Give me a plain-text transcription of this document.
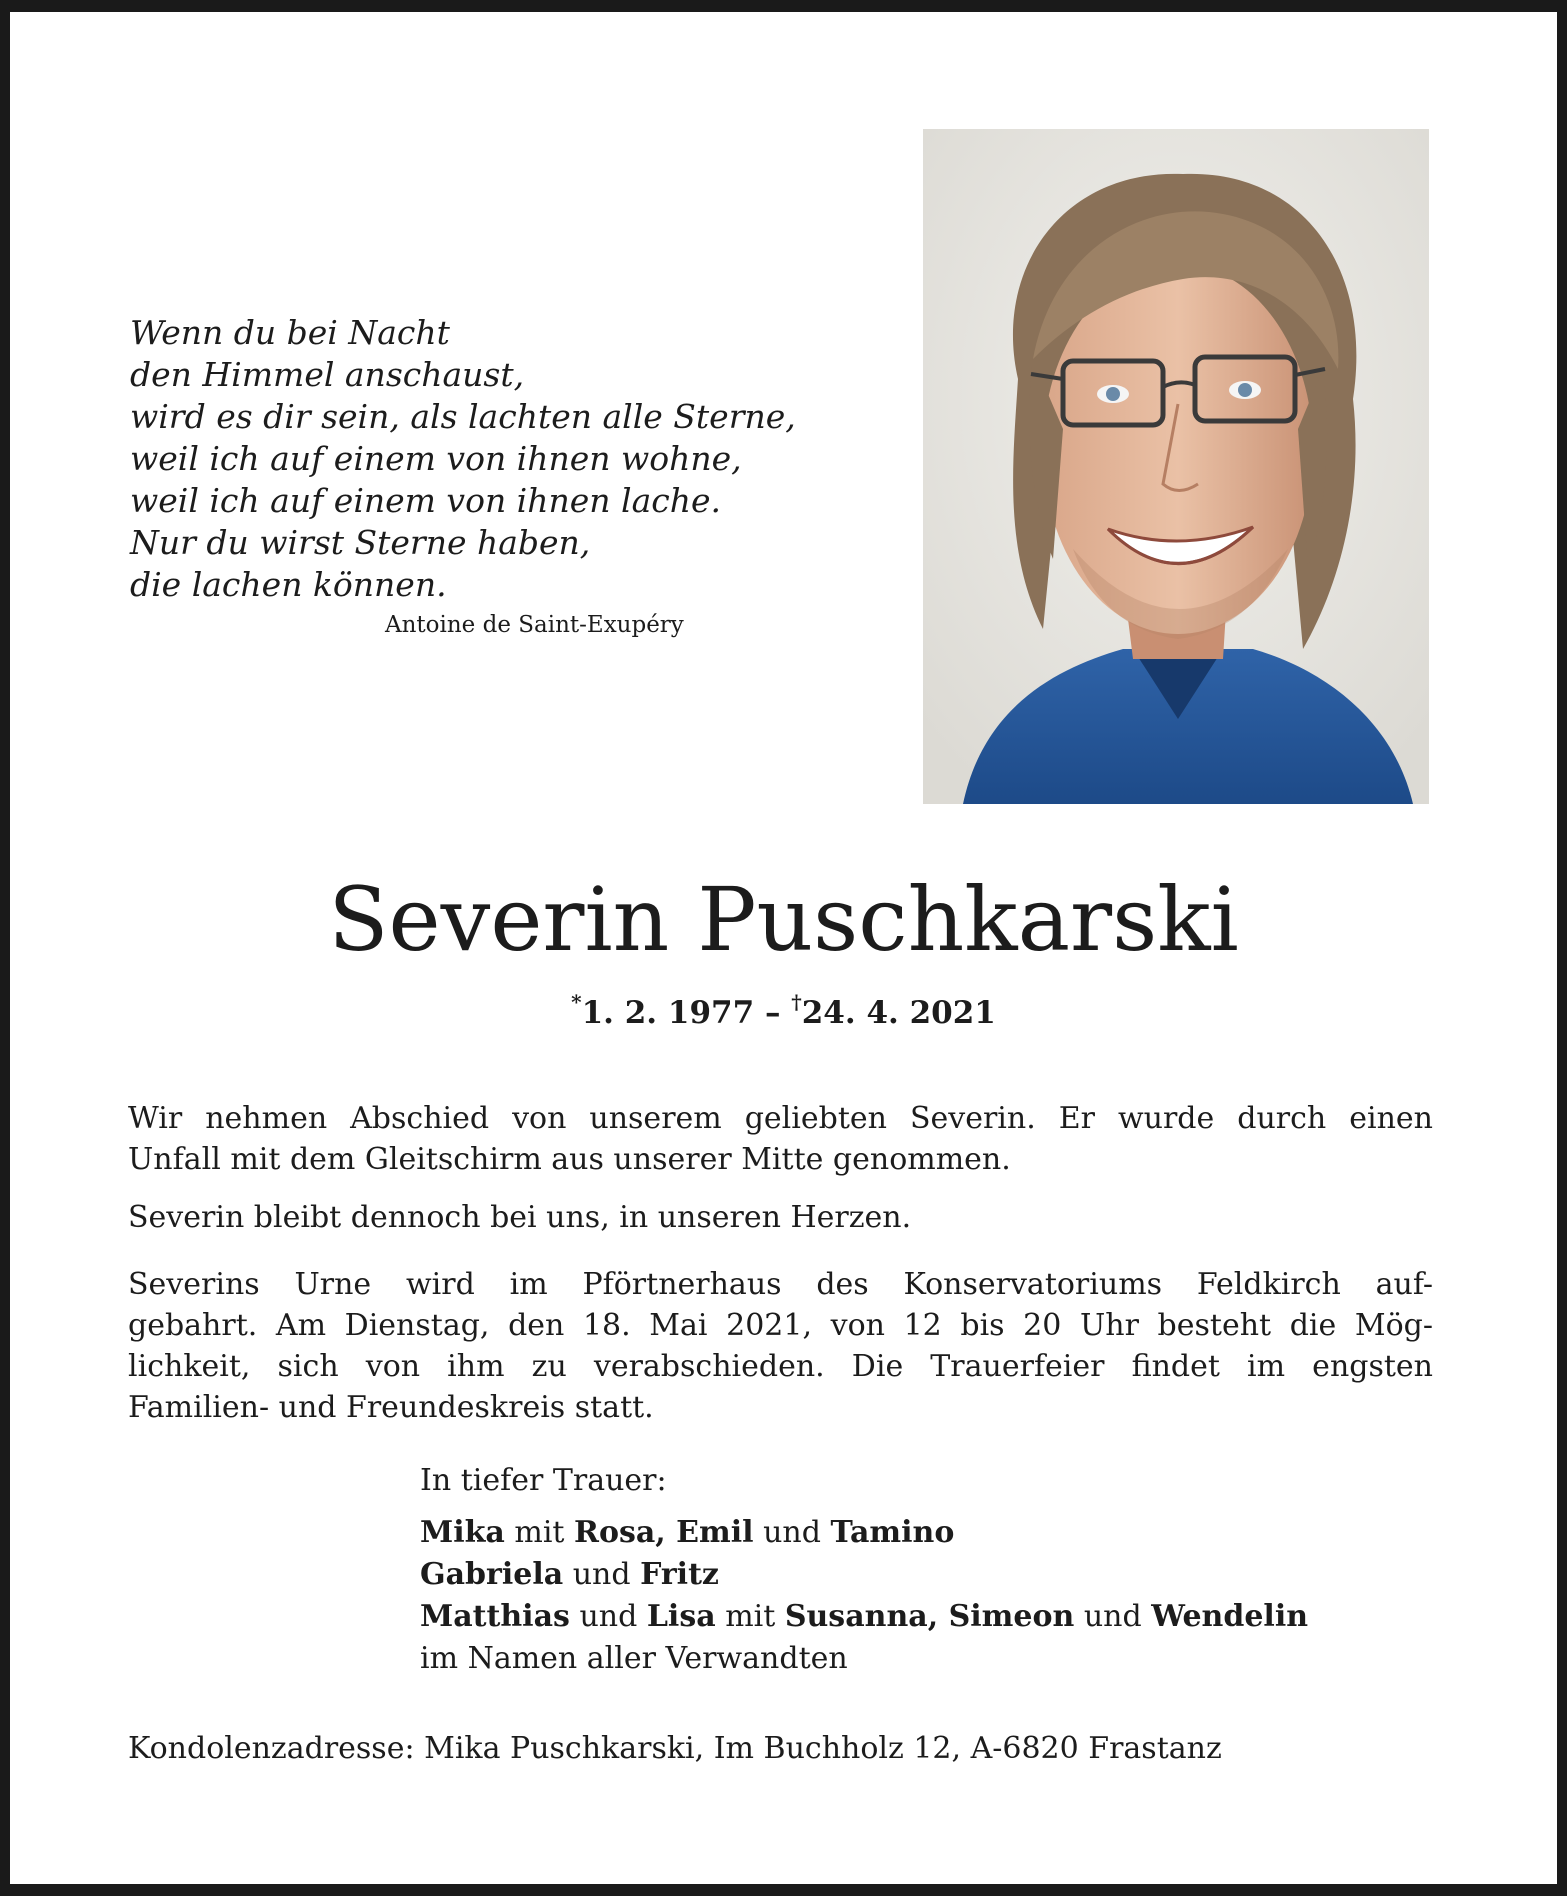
Wenn du bei Nacht
den Himmel anschaust,
wird es dir sein, als lachten alle Sterne,
weil ich auf einem von ihnen wohne,
weil ich auf einem von ihnen lache.
Nur du wirst Sterne haben,
die lachen können.
Antoine de Saint-Exupéry
Severin Puschkarski
*1. 2. 1977 – †24. 4. 2021
Wir nehmen Abschied von unserem geliebten Severin. Er wurde durch einen
Unfall mit dem Gleitschirm aus unserer Mitte genommen.
Severin bleibt dennoch bei uns, in unseren Herzen.
Severins Urne wird im Pförtnerhaus des Konservatoriums Feldkirch auf-
gebahrt. Am Dienstag, den 18. Mai 2021, von 12 bis 20 Uhr besteht die Mög-
lichkeit, sich von ihm zu verabschieden. Die Trauerfeier findet im engsten
Familien- und Freundeskreis statt.
In tiefer Trauer:
Mika mit Rosa, Emil und Tamino
Gabriela und Fritz
Matthias und Lisa mit Susanna, Simeon und Wendelin
im Namen aller Verwandten
Kondolenzadresse: Mika Puschkarski, Im Buchholz 12, A-6820 Frastanz
